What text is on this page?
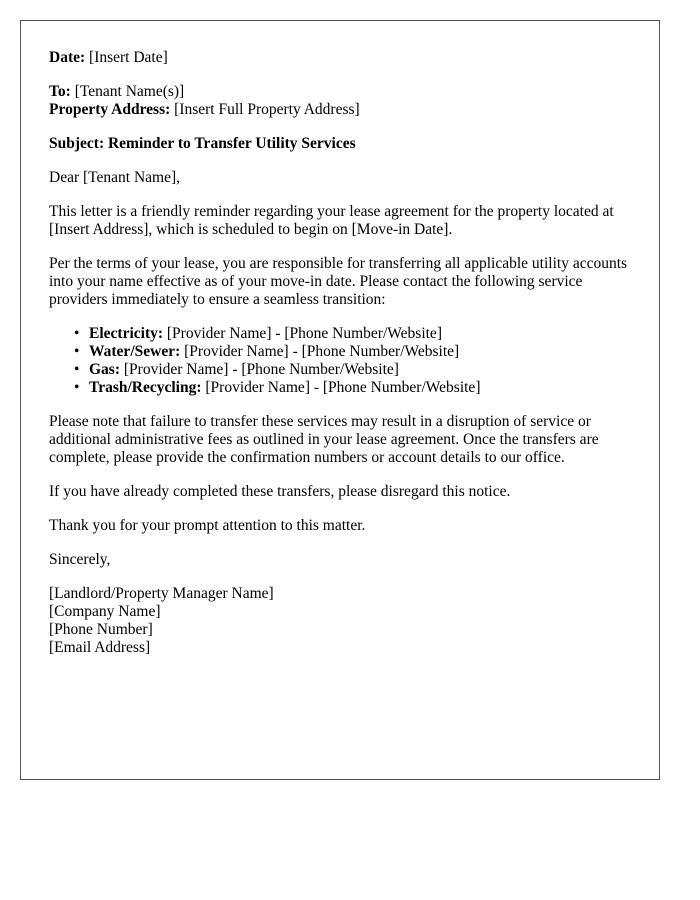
Date: [Insert Date]

To: [Tenant Name(s)]
Property Address: [Insert Full Property Address]

Subject: Reminder to Transfer Utility Services

Dear [Tenant Name],

This letter is a friendly reminder regarding your lease agreement for the property located at [Insert Address], which is scheduled to begin on [Move-in Date].

Per the terms of your lease, you are responsible for transferring all applicable utility accounts into your name effective as of your move-in date. Please contact the following service providers immediately to ensure a seamless transition:

• Electricity: [Provider Name] - [Phone Number/Website]
• Water/Sewer: [Provider Name] - [Phone Number/Website]
• Gas: [Provider Name] - [Phone Number/Website]
• Trash/Recycling: [Provider Name] - [Phone Number/Website]

Please note that failure to transfer these services may result in a disruption of service or additional administrative fees as outlined in your lease agreement. Once the transfers are complete, please provide the confirmation numbers or account details to our office.

If you have already completed these transfers, please disregard this notice.

Thank you for your prompt attention to this matter.

Sincerely,

[Landlord/Property Manager Name]
[Company Name]
[Phone Number]
[Email Address]
